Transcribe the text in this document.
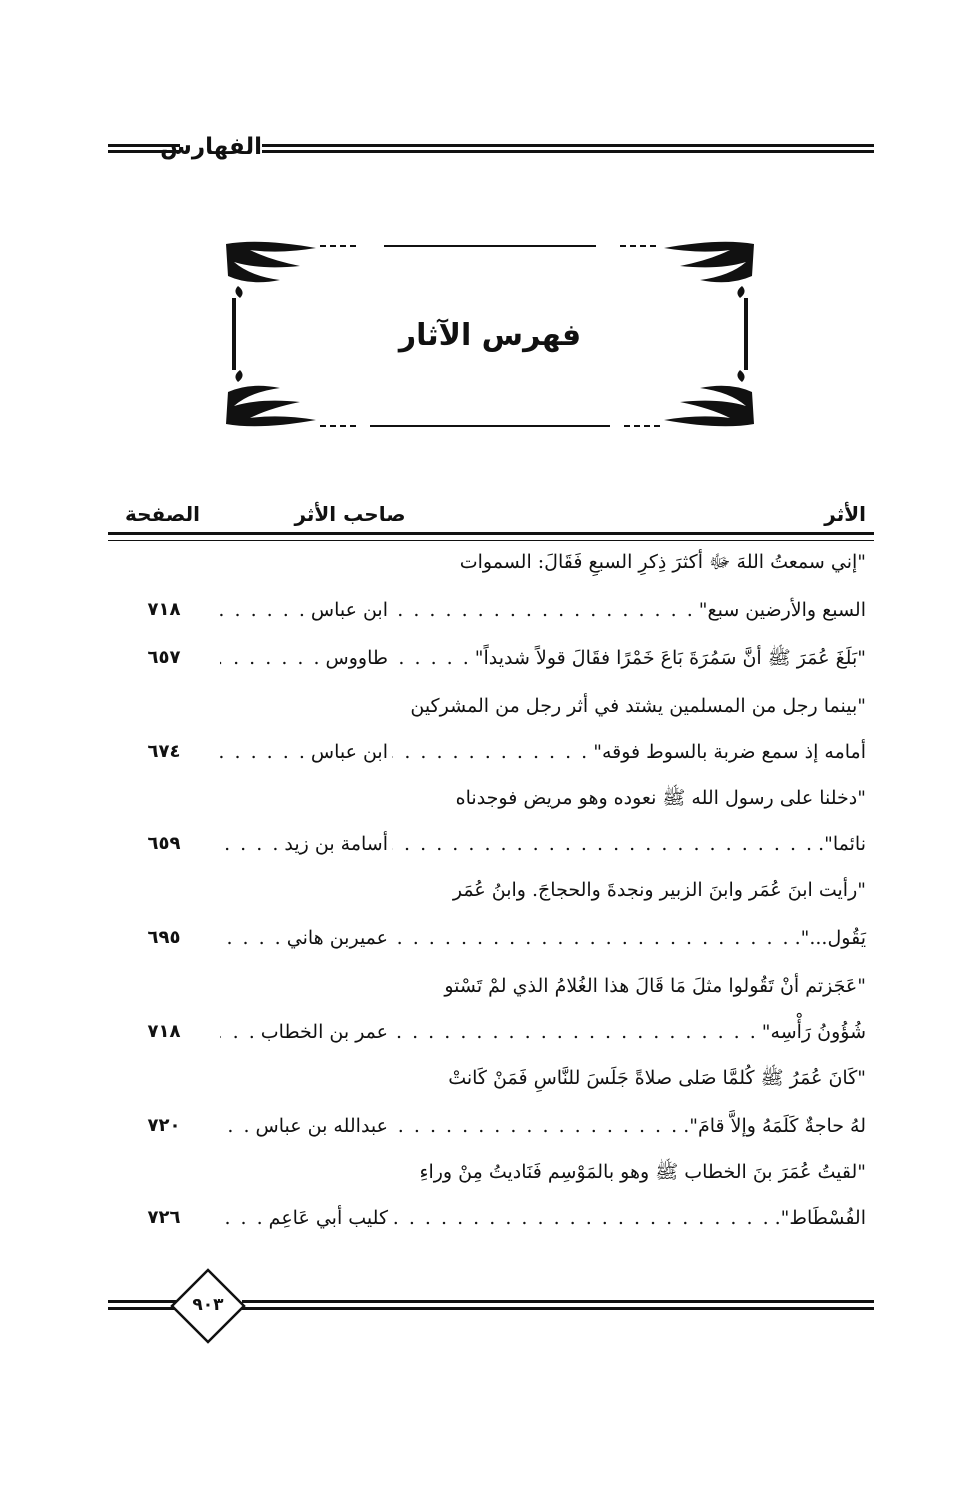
الفهارس
فهرس الآثار
الأثر
صاحب الأثر
الصفحة
"إني سمعتُ اللهَ ﷻ أكثرَ ذِكرِ السبعِ فَقَالَ: السموات
السبع والأرضين سبع"
. . .
ابن عباس
. . .
٧١٨
"بَلَغَ عُمَرَ ﷺ أنَّ سَمُرَةَ بَاعَ خَمْرًا فقَالَ قولاً شديداً"
. . .
طاووس
. . .
٦٥٧
"بينما رجل من المسلمين يشتد في أثر رجل من المشركين
أمامه إذ سمع ضربة بالسوط فوقه"
. . .
ابن عباس
. . .
٦٧٤
"دخلنا على رسول الله ﷺ نعوده وهو مريض فوجدناه
نائما".
. . .
أسامة بن زيد
. . .
٦٥٩
"رأيت ابنَ عُمَر وابنَ الزبير ونجدةَ والحجاجَ. وابنُ عُمَر
يَقُول...".
. . .
عميربن هاني
. . .
٦٩٥
"عَجَزتم أنْ تَقُولوا مثلَ مَا قَالَ هذا الغُلامُ الذي لمْ تَسْتو
شُؤُونُ رَأْسِه"
. . .
عمر بن الخطاب
. . .
٧١٨
"كَانَ عُمَرُ ﷺ كُلمَّا صَلى صلاةً جَلَسَ للنَّاسِ فَمَنْ كَانتْ
لهُ حاجةٌ كَلَمَهُ وإلاَّ قامَ".
. . .
عبدالله بن عباس
. . .
٧٢٠
"لقيتُ عُمَرَ بنَ الخطاب ﷺ وهو بالمَوْسِم فَنَاديتُ مِنْ وراءِ
الفُسْطَاط".
. . .
كليب أبي عَاعِم
. . .
٧٢٦
٩٠٣
